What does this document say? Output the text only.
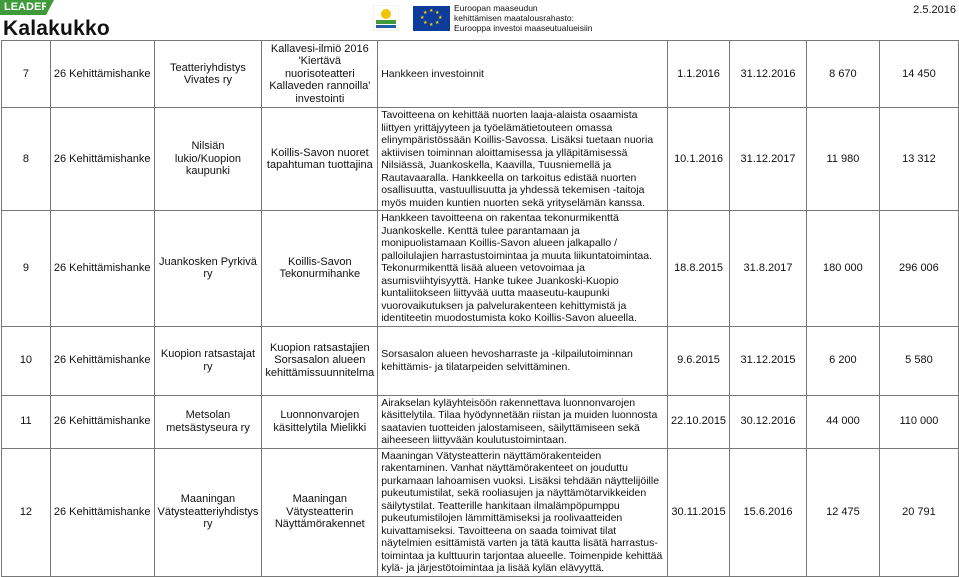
LEADER
Kalakukko
★ ★
★
★
★
★
★
★	Euroopan maaseudun
kehittämisen maatalousrahasto:
Eurooppa investoi maaseutualueisiin
2.5.2016
7	26 Kehittämishanke	Teatteriyhdistys Vivates ry	Kallavesi-ilmiö 2016 'Kiertävä nuorisoteatteri Kallaveden rannoilla' investointi	Hankkeen investoinnit	1.1.2016	31.12.2016	8 670	14 450
8	26 Kehittämishanke	Nilsiän lukio/Kuopion kaupunki	Koillis-Savon nuoret tapahtuman tuottajina	Tavoitteena on kehittää nuorten laaja-alaista osaamista liittyen yrittäjyyteen ja työelämätietouteen omassa elinympäristössään Koillis-Savossa. Lisäksi tuetaan nuoria aktiivisen toiminnan aloittamisessa ja ylläpitämisessä Nilsiässä, Juankoskella, Kaavilla, Tuusniemellä ja Rautavaaralla. Hankkeella on tarkoitus edistää nuorten osallisuutta, vastuullisuutta ja yhdessä tekemisen -taitoja myös muiden kuntien nuorten sekä yrityselämän kanssa.	10.1.2016	31.12.2017	11 980	13 312
9	26 Kehittämishanke	Juankosken Pyrkivä ry	Koillis-Savon Tekonurmihanke	Hankkeen tavoitteena on rakentaa tekonurmikenttä Juankoskelle. Kenttä tulee parantamaan ja monipuolistamaan Koillis-Savon alueen jalkapallo / palloilulajien harrastustoimintaa ja muuta liikuntatoimintaa. Tekonurmikenttä lisää alueen vetovoimaa ja asumisviihtyisyyttä. Hanke tukee Juankoski-Kuopio kuntaliitokseen liittyvää uutta maaseutu-kaupunki vuorovaikutuksen ja palvelurakenteen kehittymistä ja identiteetin muodostumista koko Koillis-Savon alueella.	18.8.2015	31.8.2017	180 000	296 006
10	26 Kehittämishanke	Kuopion ratsastajat ry	Kuopion ratsastajien Sorsasalon alueen kehittämissuunnitelma	Sorsasalon alueen hevosharraste ja -kilpailutoiminnan kehittämis- ja tilatarpeiden selvittäminen.	9.6.2015	31.12.2015	6 200	5 580
11	26 Kehittämishanke	Metsolan metsästyseura ry	Luonnonvarojen käsittelytila Mielikki	Airakselan kyläyhteisöön rakennettava luonnonvarojen käsittelytila. Tilaa hyödynnetään riistan ja muiden luonnosta saatavien tuotteiden jalostamiseen, säilyttämiseen sekä aiheeseen liittyvään koulutustoimintaan.	22.10.2015	30.12.2016	44 000	110 000
12	26 Kehittämishanke	Maaningan Vätysteatteriyhdistys ry	Maaningan Vätysteatterin Näyttämörakennet	Maaningan Vätysteatterin näyttämörakenteiden rakentaminen. Vanhat näyttämörakenteet on jouduttu purkamaan lahoamisen vuoksi. Lisäksi tehdään näyttelijöille pukeutumistilat, sekä rooliasujen ja näyttämötarvikkeiden säilytystilat. Teatterille hankitaan ilmalämpöpumppu pukeutumistilojen lämmittämiseksi ja roolivaatteiden kuivattamiseksi. Tavoitteena on saada toimivat tilat näytelmien esittämistä varten ja tätä kautta lisätä harrastus-toimintaa ja kulttuurin tarjontaa alueelle. Toimenpide kehittää kylä- ja järjestötoimintaa ja lisää kylän elävyyttä.	30.11.2015	15.6.2016	12 475	20 791
